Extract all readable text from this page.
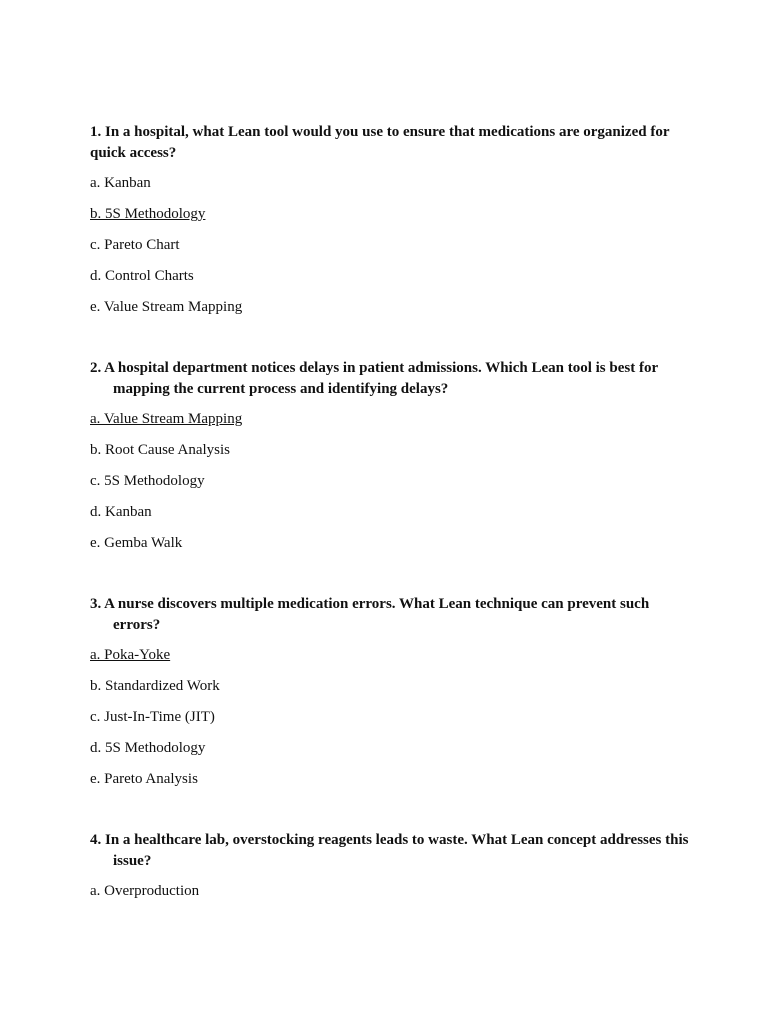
1. In a hospital, what Lean tool would you use to ensure that medications are organized for quick access?

a. Kanban

b. 5S Methodology

c. Pareto Chart

d. Control Charts

e. Value Stream Mapping

2. A hospital department notices delays in patient admissions. Which Lean tool is best for mapping the current process and identifying delays?

a. Value Stream Mapping

b. Root Cause Analysis

c. 5S Methodology

d. Kanban

e. Gemba Walk

3. A nurse discovers multiple medication errors. What Lean technique can prevent such errors?

a. Poka-Yoke

b. Standardized Work

c. Just-In-Time (JIT)

d. 5S Methodology

e. Pareto Analysis

4. In a healthcare lab, overstocking reagents leads to waste. What Lean concept addresses this issue?

a. Overproduction
